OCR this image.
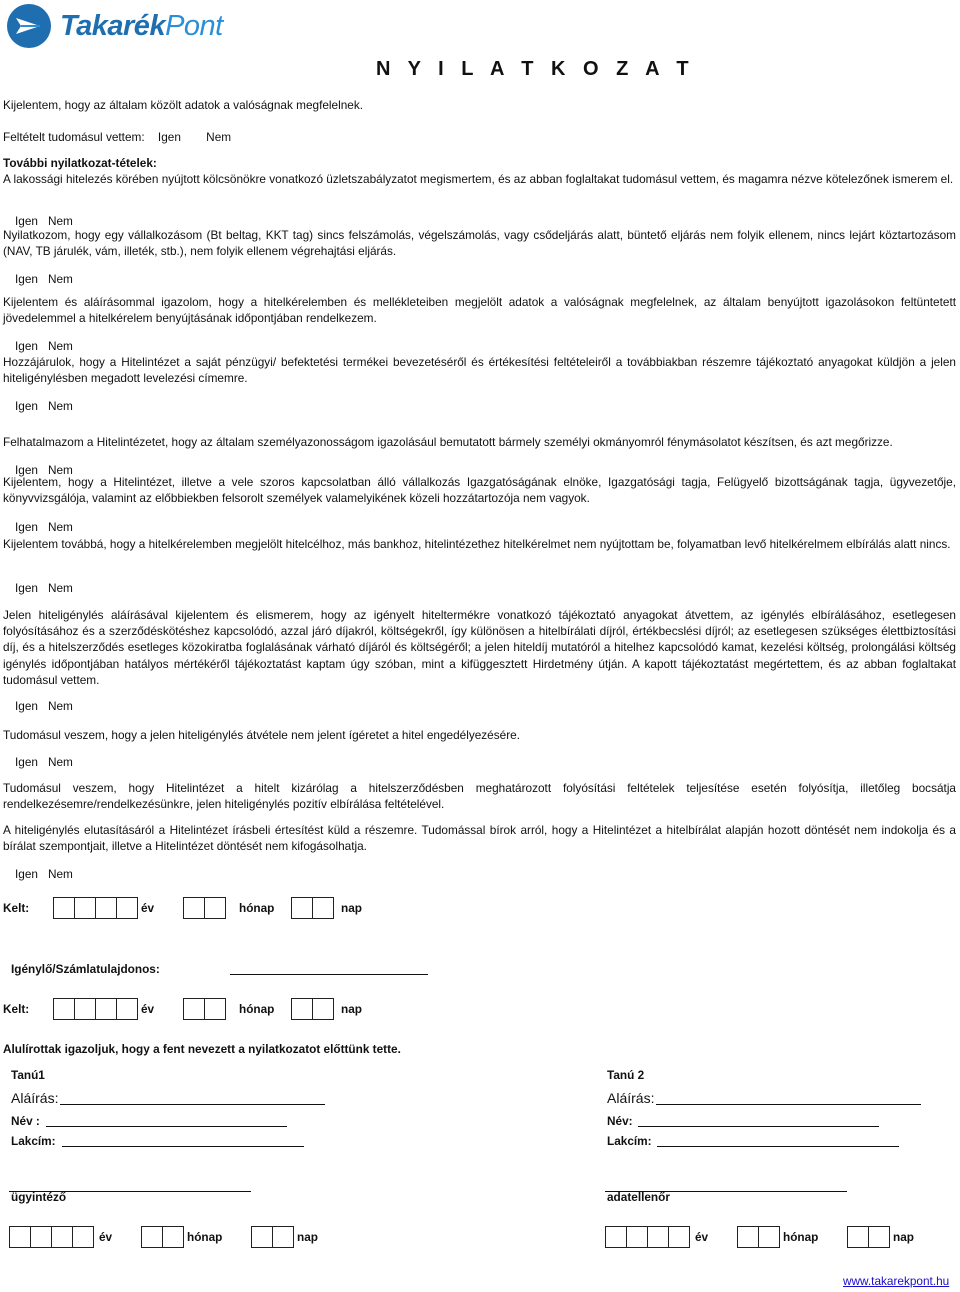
TakarékPont
N Y I L A T K O Z A T
Kijelentem, hogy az általam közölt adatok a valóságnak megfelelnek.
Feltételt tudomásul vettem: Igen Nem
További nyilatkozat-tételek:
A lakossági hitelezés körében nyújtott kölcsönökre vonatkozó üzletszabályzatot megismertem, és az abban foglaltakat tudomásul vettem, és magamra nézve kötelezőnek ismerem el.
Igen Nem
Nyilatkozom, hogy egy vállalkozásom (Bt beltag, KKT tag) sincs felszámolás, végelszámolás, vagy csődeljárás alatt, büntető eljárás nem folyik ellenem, nincs lejárt köztartozásom (NAV, TB járulék, vám, illeték, stb.), nem folyik ellenem végrehajtási eljárás.
Igen Nem
Kijelentem és aláírásommal igazolom, hogy a hitelkérelemben és mellékleteiben megjelölt adatok a valóságnak megfelelnek, az általam benyújtott igazolásokon feltüntetett jövedelemmel a hitelkérelem benyújtásának időpontjában rendelkezem.
Igen Nem
Hozzájárulok, hogy a Hitelintézet a saját pénzügyi/ befektetési termékei bevezetéséről és értékesítési feltételeiről a továbbiakban részemre tájékoztató anyagokat küldjön a jelen hiteligénylésben megadott levelezési címemre.
Igen Nem
Felhatalmazom a Hitelintézetet, hogy az általam személyazonosságom igazolásául bemutatott bármely személyi okmányomról fénymásolatot készítsen, és azt megőrizze.
Igen Nem
Kijelentem, hogy a Hitelintézet, illetve a vele szoros kapcsolatban álló vállalkozás Igazgatóságának elnöke, Igazgatósági tagja, Felügyelő bizottságának tagja, ügyvezetője, könyvvizsgálója, valamint az előbbiekben felsorolt személyek valamelyikének közeli hozzátartozója nem vagyok.
Igen Nem
Kijelentem továbbá, hogy a hitelkérelemben megjelölt hitelcélhoz, más bankhoz, hitelintézethez hitelkérelmet nem nyújtottam be, folyamatban levő hitelkérelmem elbírálás alatt nincs.
Igen Nem
Jelen hiteligénylés aláírásával kijelentem és elismerem, hogy az igényelt hiteltermékre vonatkozó tájékoztató anyagokat átvettem, az igénylés elbírálásához, esetlegesen folyósításához és a szerződéskötéshez kapcsolódó, azzal járó díjakról, költségekről, így különösen a hitelbírálati díjról, értékbecslési díjról; az esetlegesen szükséges élettbiztosítási díj, és a hitelszerződés esetleges közokiratba foglalásának várható díjáról és költségéről; a jelen hiteldíj mutatóról a hitelhez kapcsolódó kamat, kezelési költség, prolongálási költség igénylés időpontjában hatályos mértékéről tájékoztatást kaptam úgy szóban, mint a kifüggesztett Hirdetmény útján. A kapott tájékoztatást megértettem, és az abban foglaltakat tudomásul vettem.
Igen Nem
Tudomásul veszem, hogy a jelen hiteligénylés átvétele nem jelent ígéretet a hitel engedélyezésére.
Igen Nem
Tudomásul veszem, hogy Hitelintézet a hitelt kizárólag a hitelszerződésben meghatározott folyósítási feltételek teljesítése esetén folyósítja, illetőleg bocsátja rendelkezésemre/rendelkezésünkre, jelen hiteligénylés pozitív elbírálása feltételével.
A hiteligénylés elutasításáról a Hitelintézet írásbeli értesítést küld a részemre. Tudomással bírok arról, hogy a Hitelintézet a hitelbírálat alapján hozott döntését nem indokolja és a bírálat szempontjait, illetve a Hitelintézet döntését nem kifogásolhatja.
Igen Nem
Kelt:	év	hónap	nap
Igénylő/Számlatulajdonos:
Kelt:	év	hónap	nap
Alulírottak igazoljuk, hogy a fent nevezett a nyilatkozatot előttünk tette.
Tanú1
Aláírás:
Név :
Lakcím:
Tanú 2
Aláírás:
Név:
Lakcím:
ügyintéző	adatellenőr
év	hónap	nap	év	hónap	nap
www.takarekpont.hu
